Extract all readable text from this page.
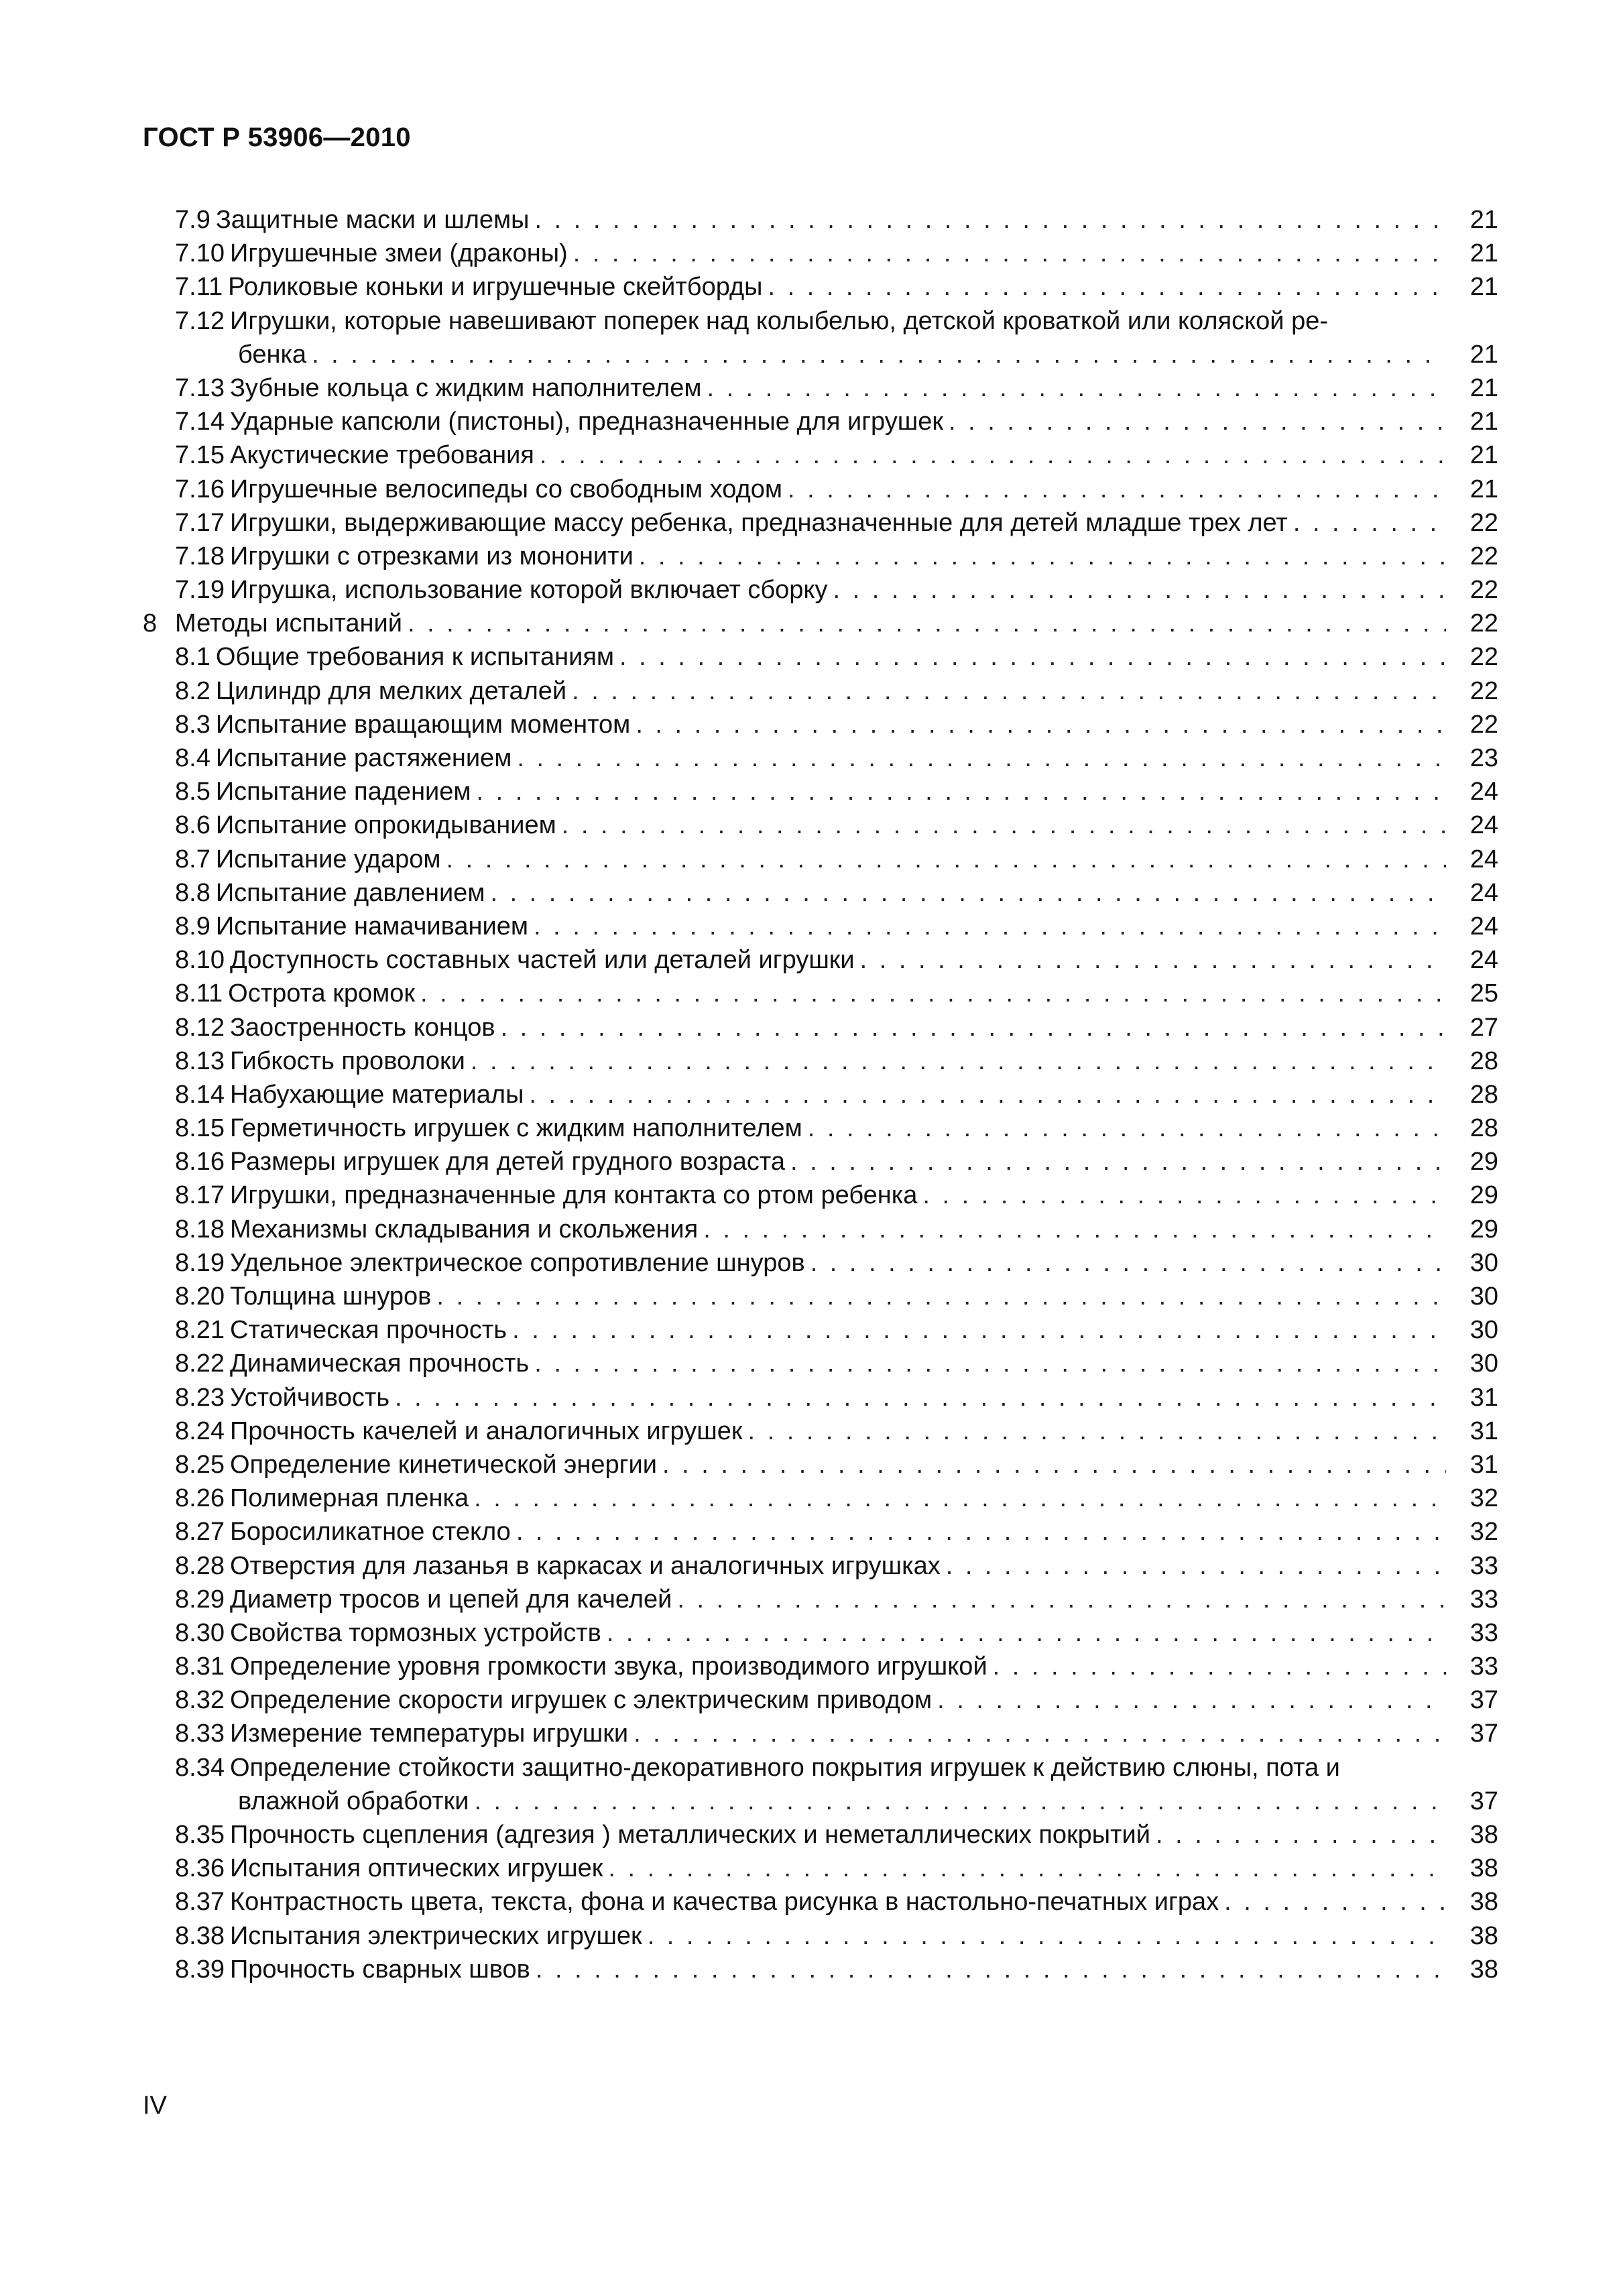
ГОСТ Р 53906—2010
7.9 Защитные маски и шлемы . . .	21
7.10 Игрушечные змеи (драконы) . . .	21
7.11 Роликовые коньки и игрушечные скейтборды . . .	21
7.12 Игрушки, которые навешивают поперек над колыбелью, детской кроваткой или коляской ре-
бенка . . .	21
7.13 Зубные кольца с жидким наполнителем . . .	21
7.14 Ударные капсюли (пистоны), предназначенные для игрушек . . .	21
7.15 Акустические требования . . .	21
7.16 Игрушечные велосипеды со свободным ходом . . .	21
7.17 Игрушки, выдерживающие массу ребенка, предназначенные для детей младше трех лет . . .	22
7.18 Игрушки с отрезками из мононити . . .	22
7.19 Игрушка, использование которой включает сборку . . .	22
8 Методы испытаний . . .	22
8.1 Общие требования к испытаниям . . .	22
8.2 Цилиндр для мелких деталей . . .	22
8.3 Испытание вращающим моментом . . .	22
8.4 Испытание растяжением . . .	23
8.5 Испытание падением . . .	24
8.6 Испытание опрокидыванием . . .	24
8.7 Испытание ударом . . .	24
8.8 Испытание давлением . . .	24
8.9 Испытание намачиванием . . .	24
8.10 Доступность составных частей или деталей игрушки . . .	24
8.11 Острота кромок . . .	25
8.12 Заостренность концов . . .	27
8.13 Гибкость проволоки . . .	28
8.14 Набухающие материалы . . .	28
8.15 Герметичность игрушек с жидким наполнителем . . .	28
8.16 Размеры игрушек для детей грудного возраста . . .	29
8.17 Игрушки, предназначенные для контакта со ртом ребенка . . .	29
8.18 Механизмы складывания и скольжения . . .	29
8.19 Удельное электрическое сопротивление шнуров . . .	30
8.20 Толщина шнуров . . .	30
8.21 Статическая прочность . . .	30
8.22 Динамическая прочность . . .	30
8.23 Устойчивость . . .	31
8.24 Прочность качелей и аналогичных игрушек . . .	31
8.25 Определение кинетической энергии . . .	31
8.26 Полимерная пленка . . .	32
8.27 Боросиликатное стекло . . .	32
8.28 Отверстия для лазанья в каркасах и аналогичных игрушках . . .	33
8.29 Диаметр тросов и цепей для качелей . . .	33
8.30 Свойства тормозных устройств . . .	33
8.31 Определение уровня громкости звука, производимого игрушкой . . .	33
8.32 Определение скорости игрушек с электрическим приводом . . .	37
8.33 Измерение температуры игрушки . . .	37
8.34 Определение стойкости защитно-декоративного покрытия игрушек к действию слюны, пота и
влажной обработки . . .	37
8.35 Прочность сцепления (адгезия ) металлических и неметаллических покрытий . . .	38
8.36 Испытания оптических игрушек . . .	38
8.37 Контрастность цвета, текста, фона и качества рисунка в настольно-печатных играх . . .	38
8.38 Испытания электрических игрушек . . .	38
8.39 Прочность сварных швов . . .	38
IV
